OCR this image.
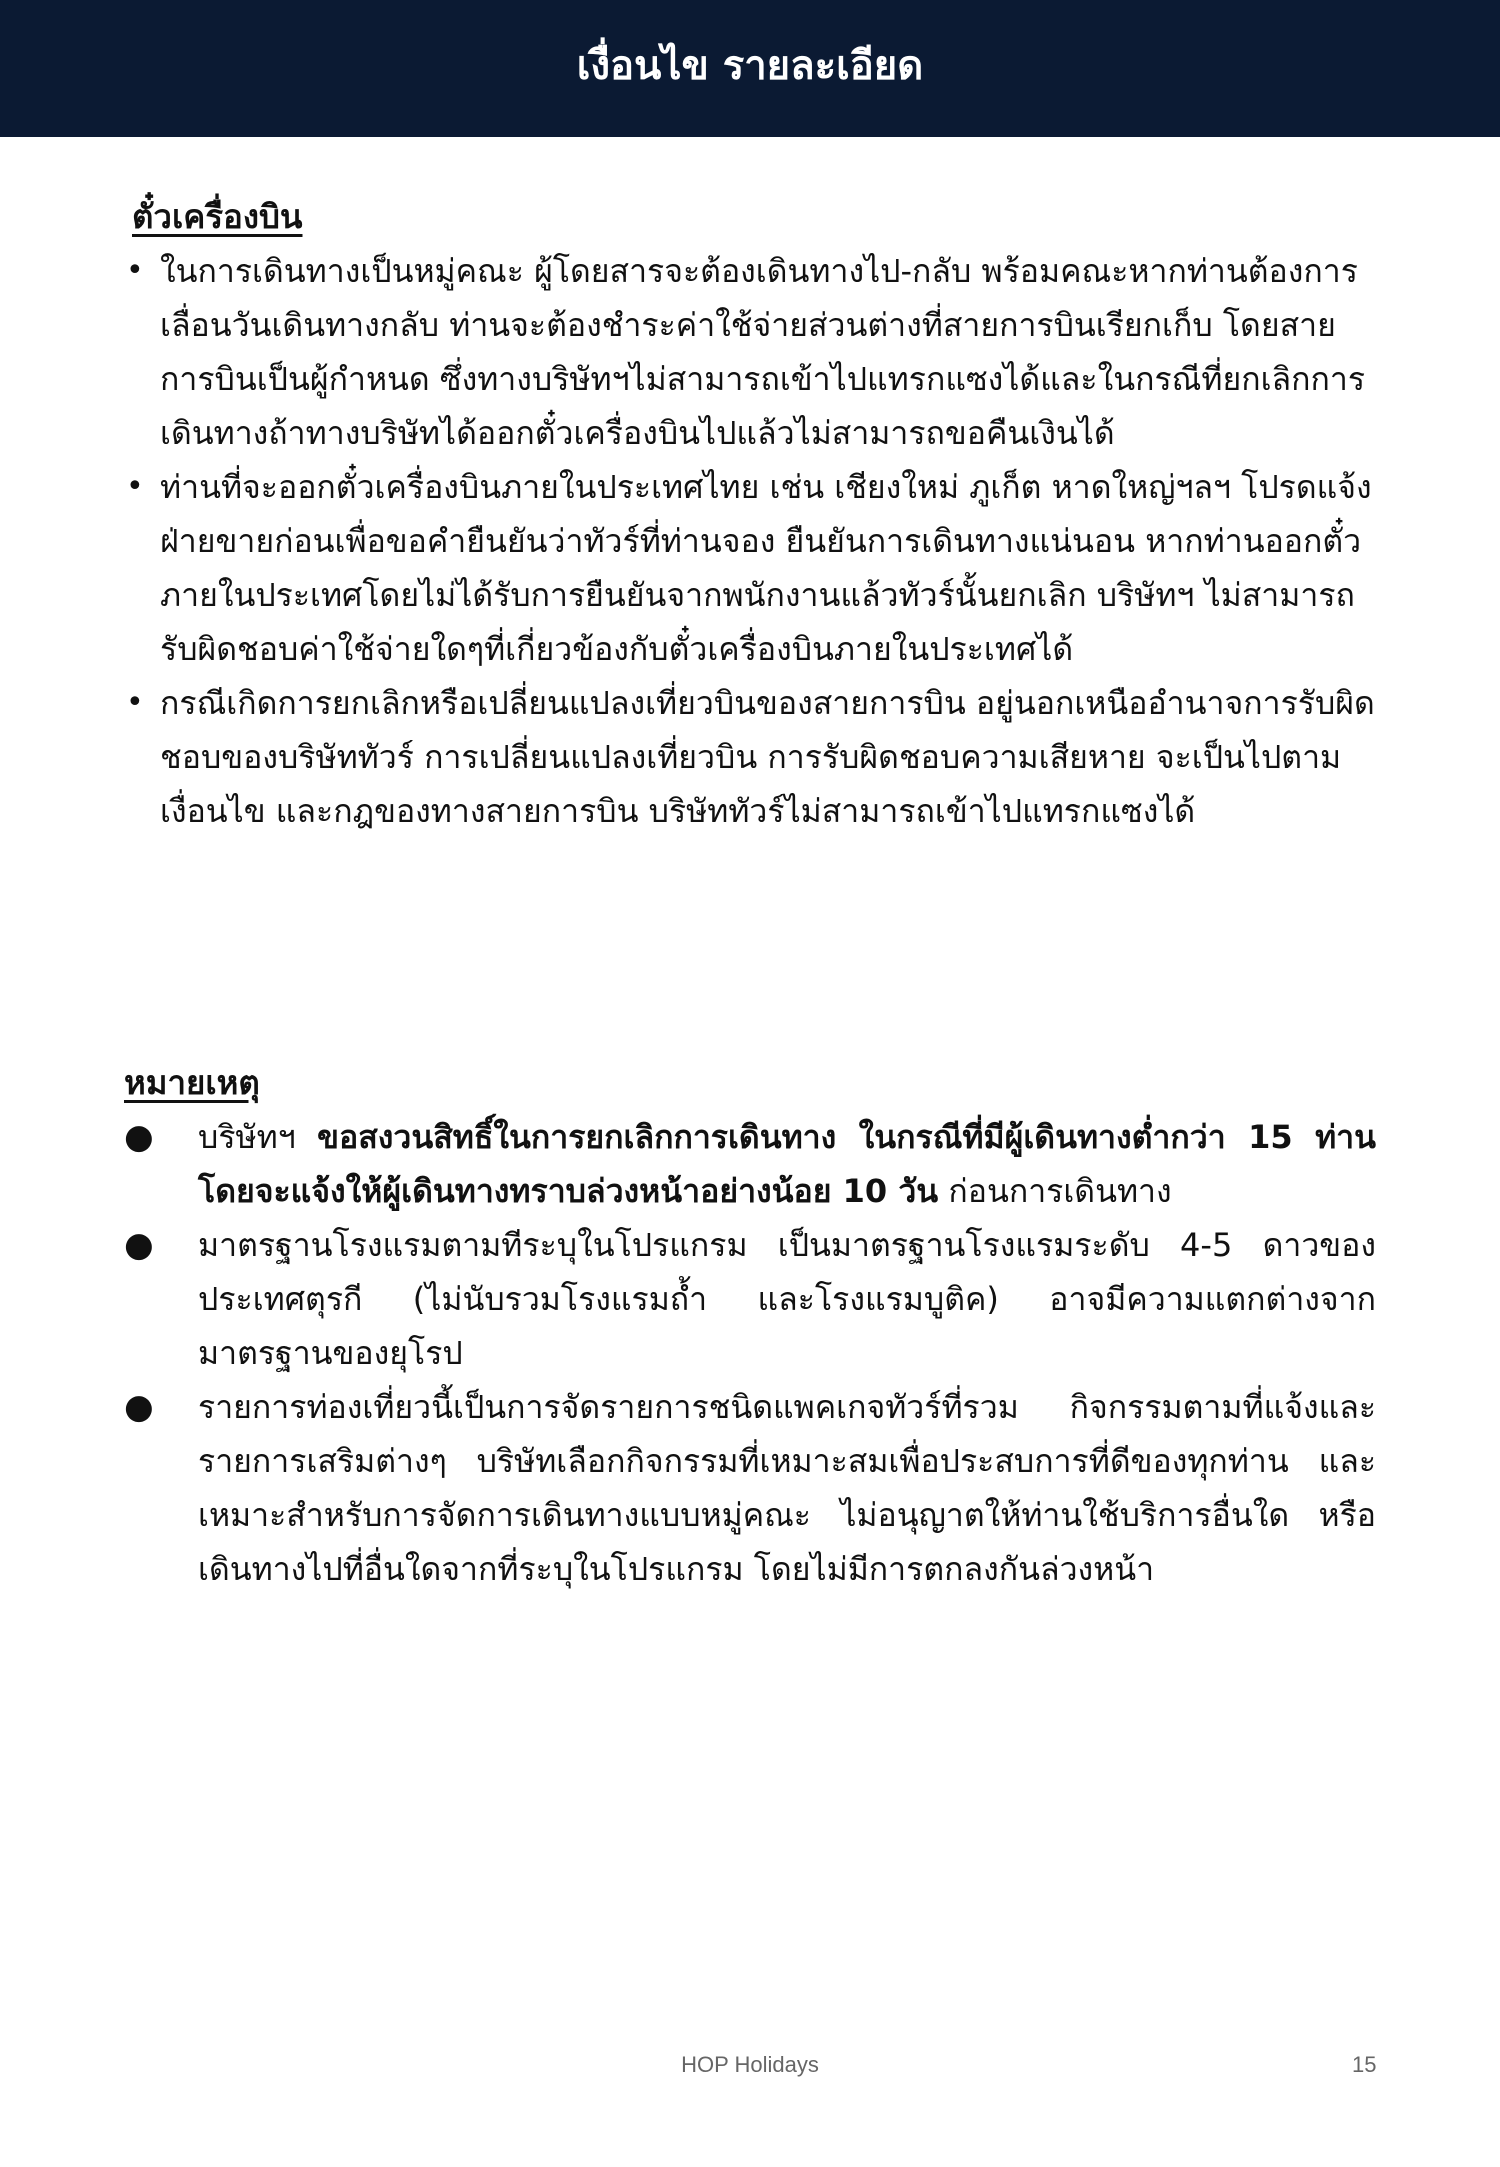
เงื่อนไข รายละเอียด
ตั๋วเครื่องบิน
• ในการเดินทางเป็นหมู่คณะ ผู้โดยสารจะต้องเดินทางไป-กลับ พร้อมคณะหากท่านต้องการเลื่อนวันเดินทางกลับ ท่านจะต้องชำระค่าใช้จ่ายส่วนต่างที่สายการบินเรียกเก็บ โดยสายการบินเป็นผู้กำหนด ซึ่งทางบริษัทฯไม่สามารถเข้าไปแทรกแซงได้และในกรณีที่ยกเลิกการเดินทางถ้าทางบริษัทได้ออกตั๋วเครื่องบินไปแล้วไม่สามารถขอคืนเงินได้
• ท่านที่จะออกตั๋วเครื่องบินภายในประเทศไทย เช่น เชียงใหม่ ภูเก็ต หาดใหญ่ฯลฯ โปรดแจ้งฝ่ายขายก่อนเพื่อขอคำยืนยันว่าทัวร์ที่ท่านจอง ยืนยันการเดินทางแน่นอน หากท่านออกตั๋วภายในประเทศโดยไม่ได้รับการยืนยันจากพนักงานแล้วทัวร์นั้นยกเลิก บริษัทฯ ไม่สามารถรับผิดชอบค่าใช้จ่ายใดๆที่เกี่ยวข้องกับตั๋วเครื่องบินภายในประเทศได้
• กรณีเกิดการยกเลิกหรือเปลี่ยนแปลงเที่ยวบินของสายการบิน อยู่นอกเหนืออำนาจการรับผิดชอบของบริษัททัวร์ การเปลี่ยนแปลงเที่ยวบิน การรับผิดชอบความเสียหาย จะเป็นไปตามเงื่อนไข และกฎของทางสายการบิน บริษัททัวร์ไม่สามารถเข้าไปแทรกแซงได้
หมายเหตุ
● บริษัทฯ ขอสงวนสิทธิ์ในการยกเลิกการเดินทาง ในกรณีที่มีผู้เดินทางต่ำกว่า 15 ท่าน โดยจะแจ้งให้ผู้เดินทางทราบล่วงหน้าอย่างน้อย 10 วัน ก่อนการเดินทาง
● มาตรฐานโรงแรมตามทีระบุในโปรแกรม เป็นมาตรฐานโรงแรมระดับ 4-5 ดาวของประเทศตุรกี (ไม่นับรวมโรงแรมถ้ำ และโรงแรมบูติค) อาจมีความแตกต่างจากมาตรฐานของยุโรป
● รายการท่องเที่ยวนี้เป็นการจัดรายการชนิดแพคเกจทัวร์ที่รวม กิจกรรมตามที่แจ้งและรายการเสริมต่างๆ บริษัทเลือกกิจกรรมที่เหมาะสมเพื่อประสบการที่ดีของทุกท่าน และเหมาะสำหรับการจัดการเดินทางแบบหมู่คณะ ไม่อนุญาตให้ท่านใช้บริการอื่นใด หรือเดินทางไปที่อื่นใดจากที่ระบุในโปรแกรม โดยไม่มีการตกลงกันล่วงหน้า
HOP Holidays	15
